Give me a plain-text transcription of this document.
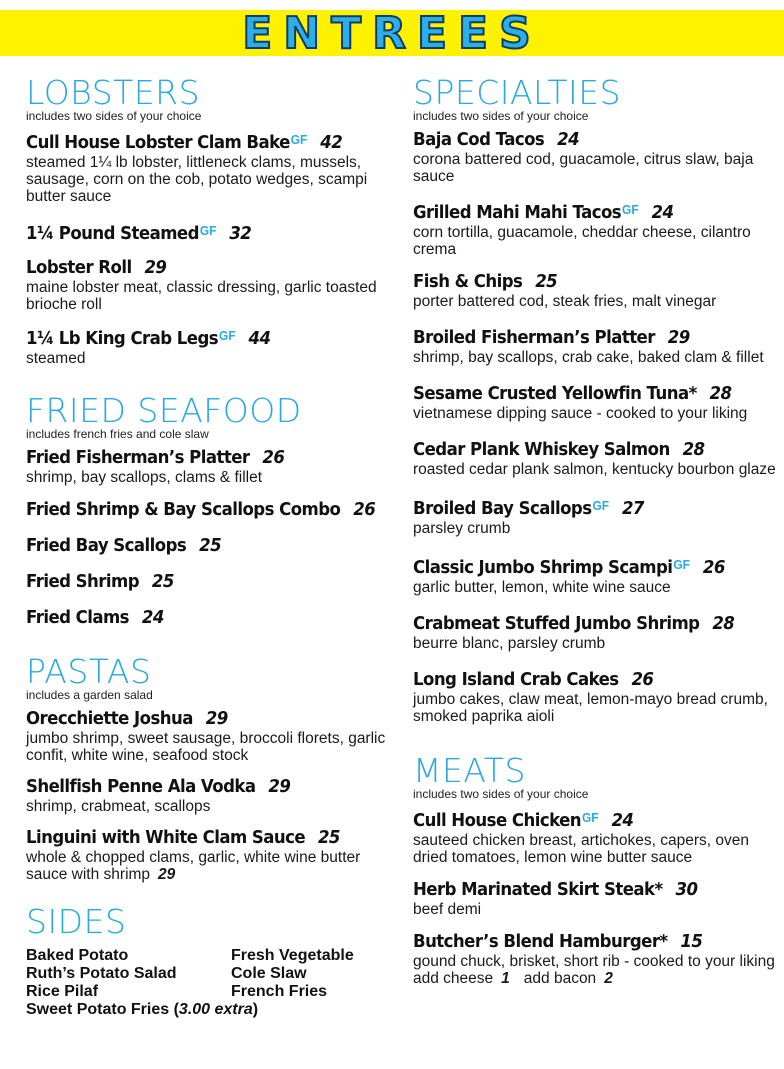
ENTREES
LOBSTERS
includes two sides of your choice
Cull House Lobster Clam Bake$^{GF}$ 42
steamed 1¼ lb lobster, littleneck clams, mussels, sausage, corn on the cob, potato wedges, scampi butter sauce
1¼ Pound Steamed$^{GF}$ 32
Lobster Roll 29
maine lobster meat, classic dressing, garlic toasted brioche roll
1¼ Lb King Crab Legs$^{GF}$ 44
steamed
FRIED SEAFOOD
includes french fries and cole slaw
Fried Fisherman’s Platter 26
shrimp, bay scallops, clams & fillet
Fried Shrimp & Bay Scallops Combo 26
Fried Bay Scallops 25
Fried Shrimp 25
Fried Clams 24
PASTAS
includes a garden salad
Orecchiette Joshua 29
jumbo shrimp, sweet sausage, broccoli florets, garlic confit, white wine, seafood stock
Shellfish Penne Ala Vodka 29
shrimp, crabmeat, scallops
Linguini with White Clam Sauce 25
whole & chopped clams, garlic, white wine butter sauce with shrimp 29
SIDES
Baked Potato	Fresh Vegetable
Ruth’s Potato Salad	Cole Slaw
Rice Pilaf	French Fries
Sweet Potato Fries (3.00 extra)
SPECIALTIES
includes two sides of your choice
Baja Cod Tacos 24
corona battered cod, guacamole, citrus slaw, baja sauce
Grilled Mahi Mahi Tacos$^{GF}$ 24
corn tortilla, guacamole, cheddar cheese, cilantro crema
Fish & Chips 25
porter battered cod, steak fries, malt vinegar
Broiled Fisherman’s Platter 29
shrimp, bay scallops, crab cake, baked clam & fillet
Sesame Crusted Yellowfin Tuna* 28
vietnamese dipping sauce - cooked to your liking
Cedar Plank Whiskey Salmon 28
roasted cedar plank salmon, kentucky bourbon glaze
Broiled Bay Scallops$^{GF}$ 27
parsley crumb
Classic Jumbo Shrimp Scampi$^{GF}$ 26
garlic butter, lemon, white wine sauce
Crabmeat Stuffed Jumbo Shrimp 28
beurre blanc, parsley crumb
Long Island Crab Cakes 26
jumbo cakes, claw meat, lemon-mayo bread crumb, smoked paprika aioli
MEATS
includes two sides of your choice
Cull House Chicken$^{GF}$ 24
sauteed chicken breast, artichokes, capers, oven dried tomatoes, lemon wine butter sauce
Herb Marinated Skirt Steak* 30
beef demi
Butcher’s Blend Hamburger* 15
gound chuck, brisket, short rib - cooked to your liking
add cheese 1 add bacon 2
